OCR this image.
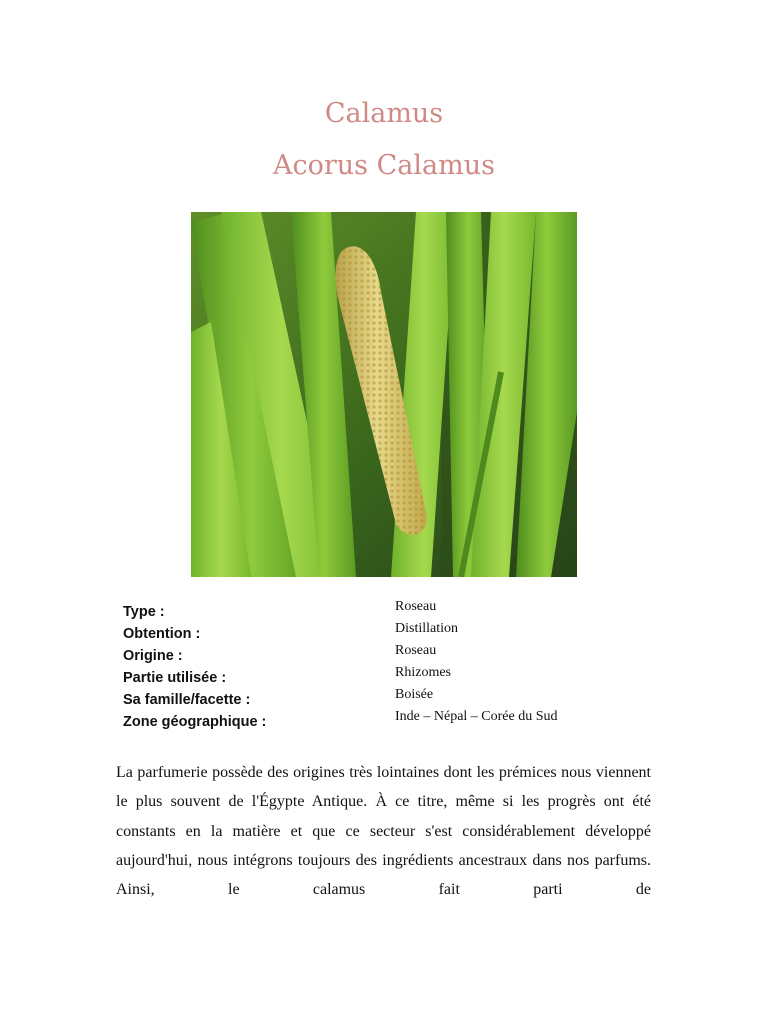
Calamus
Acorus Calamus
Type :
Obtention :
Origine :
Partie utilisée :
Sa famille/facette :
Zone géographique :
Roseau
Distillation
Roseau
Rhizomes
Boisée
Inde – Népal – Corée du Sud

La parfumerie possède des origines très lointaines dont les prémices nous viennent le plus souvent de l'Égypte Antique. À ce titre, même si les progrès ont été constants en la matière et que ce secteur s'est considérablement développé aujourd'hui, nous intégrons toujours des ingrédients ancestraux dans nos parfums. Ainsi, le calamus fait parti de
